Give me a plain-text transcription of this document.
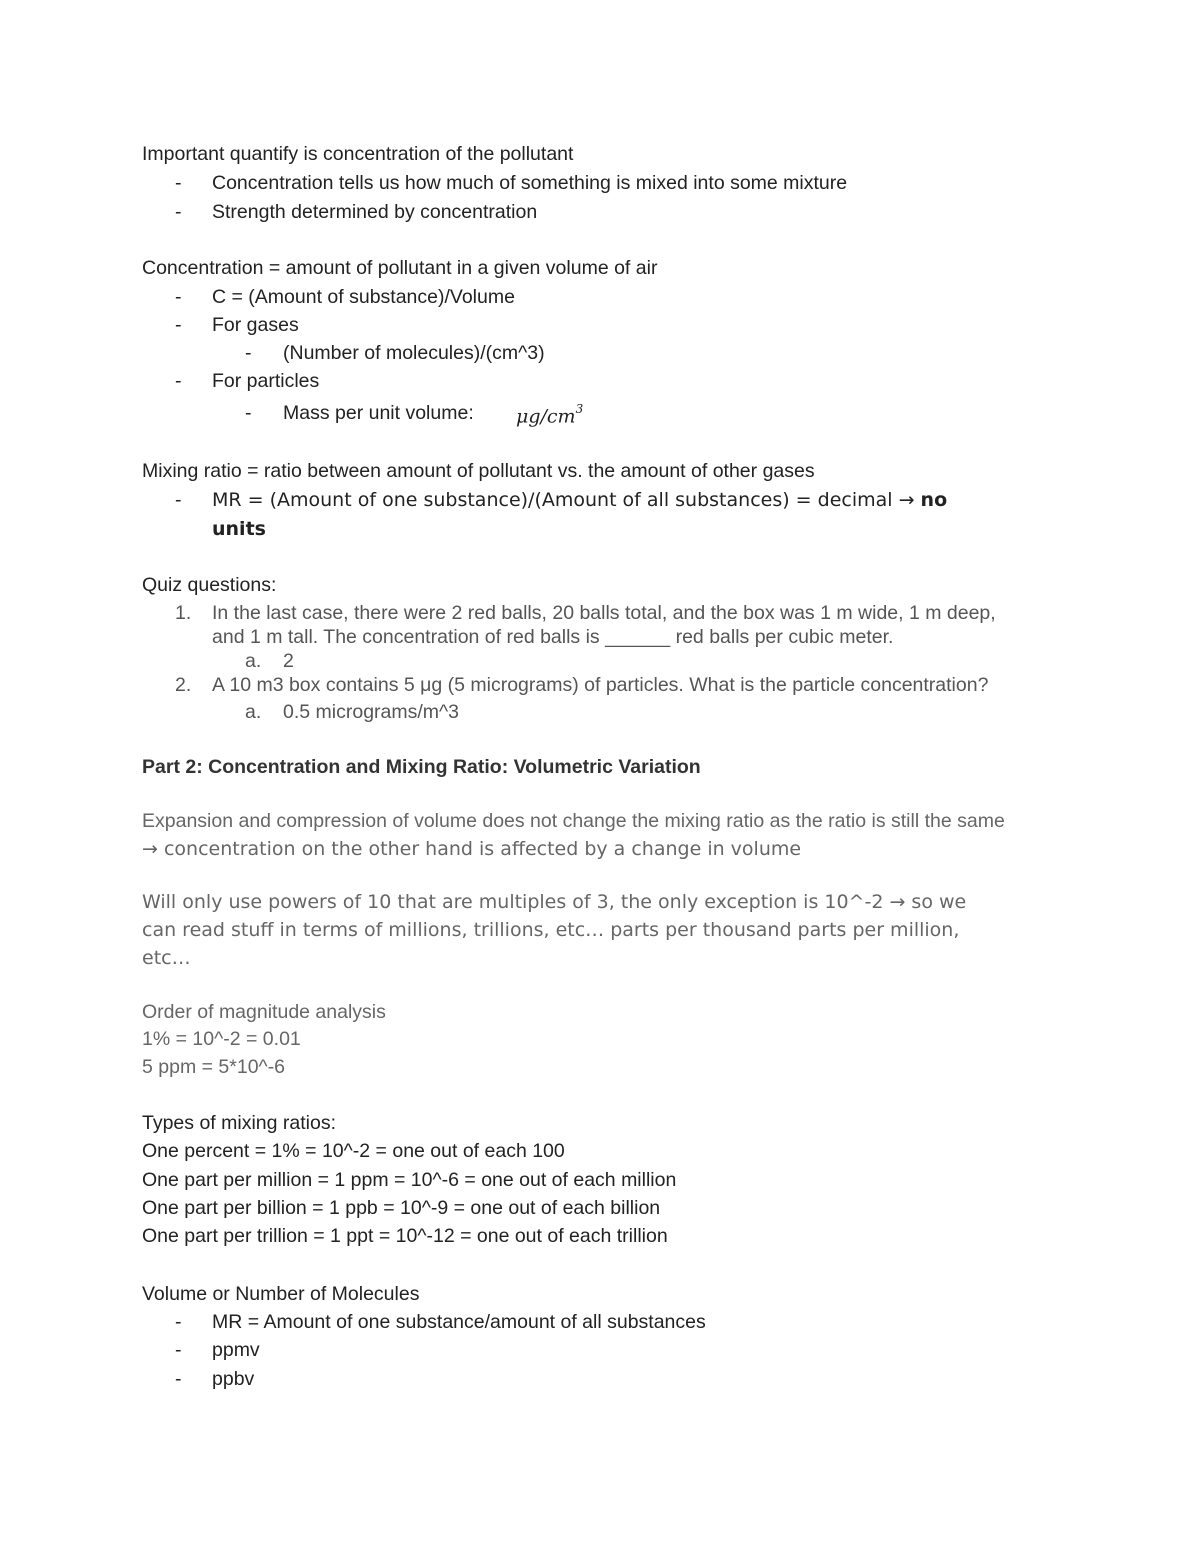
Important quantify is concentration of the pollutant
- Concentration tells us how much of something is mixed into some mixture
- Strength determined by concentration
Concentration = amount of pollutant in a given volume of air
- C = (Amount of substance)/Volume
- For gases
- (Number of molecules)/(cm^3)
- For particles
- Mass per unit volume: $\mu g/cm^3$
Mixing ratio = ratio between amount of pollutant vs. the amount of other gases
- MR = (Amount of one substance)/(Amount of all substances) = decimal → no
units
Quiz questions:
1. In the last case, there were 2 red balls, 20 balls total, and the box was 1 m wide, 1 m deep,
and 1 m tall. The concentration of red balls is ______ red balls per cubic meter.
a. 2
2. A 10 m3 box contains 5 μg (5 micrograms) of particles. What is the particle concentration?
a. 0.5 micrograms/m^3
Part 2: Concentration and Mixing Ratio: Volumetric Variation
Expansion and compression of volume does not change the mixing ratio as the ratio is still the same
→ concentration on the other hand is affected by a change in volume
Will only use powers of 10 that are multiples of 3, the only exception is 10^-2 → so we
can read stuff in terms of millions, trillions, etc… parts per thousand parts per million,
etc…
Order of magnitude analysis
1% = 10^-2 = 0.01
5 ppm = 5*10^-6
Types of mixing ratios:
One percent = 1% = 10^-2 = one out of each 100
One part per million = 1 ppm = 10^-6 = one out of each million
One part per billion = 1 ppb = 10^-9 = one out of each billion
One part per trillion = 1 ppt = 10^-12 = one out of each trillion
Volume or Number of Molecules
- MR = Amount of one substance/amount of all substances
- ppmv
- ppbv
